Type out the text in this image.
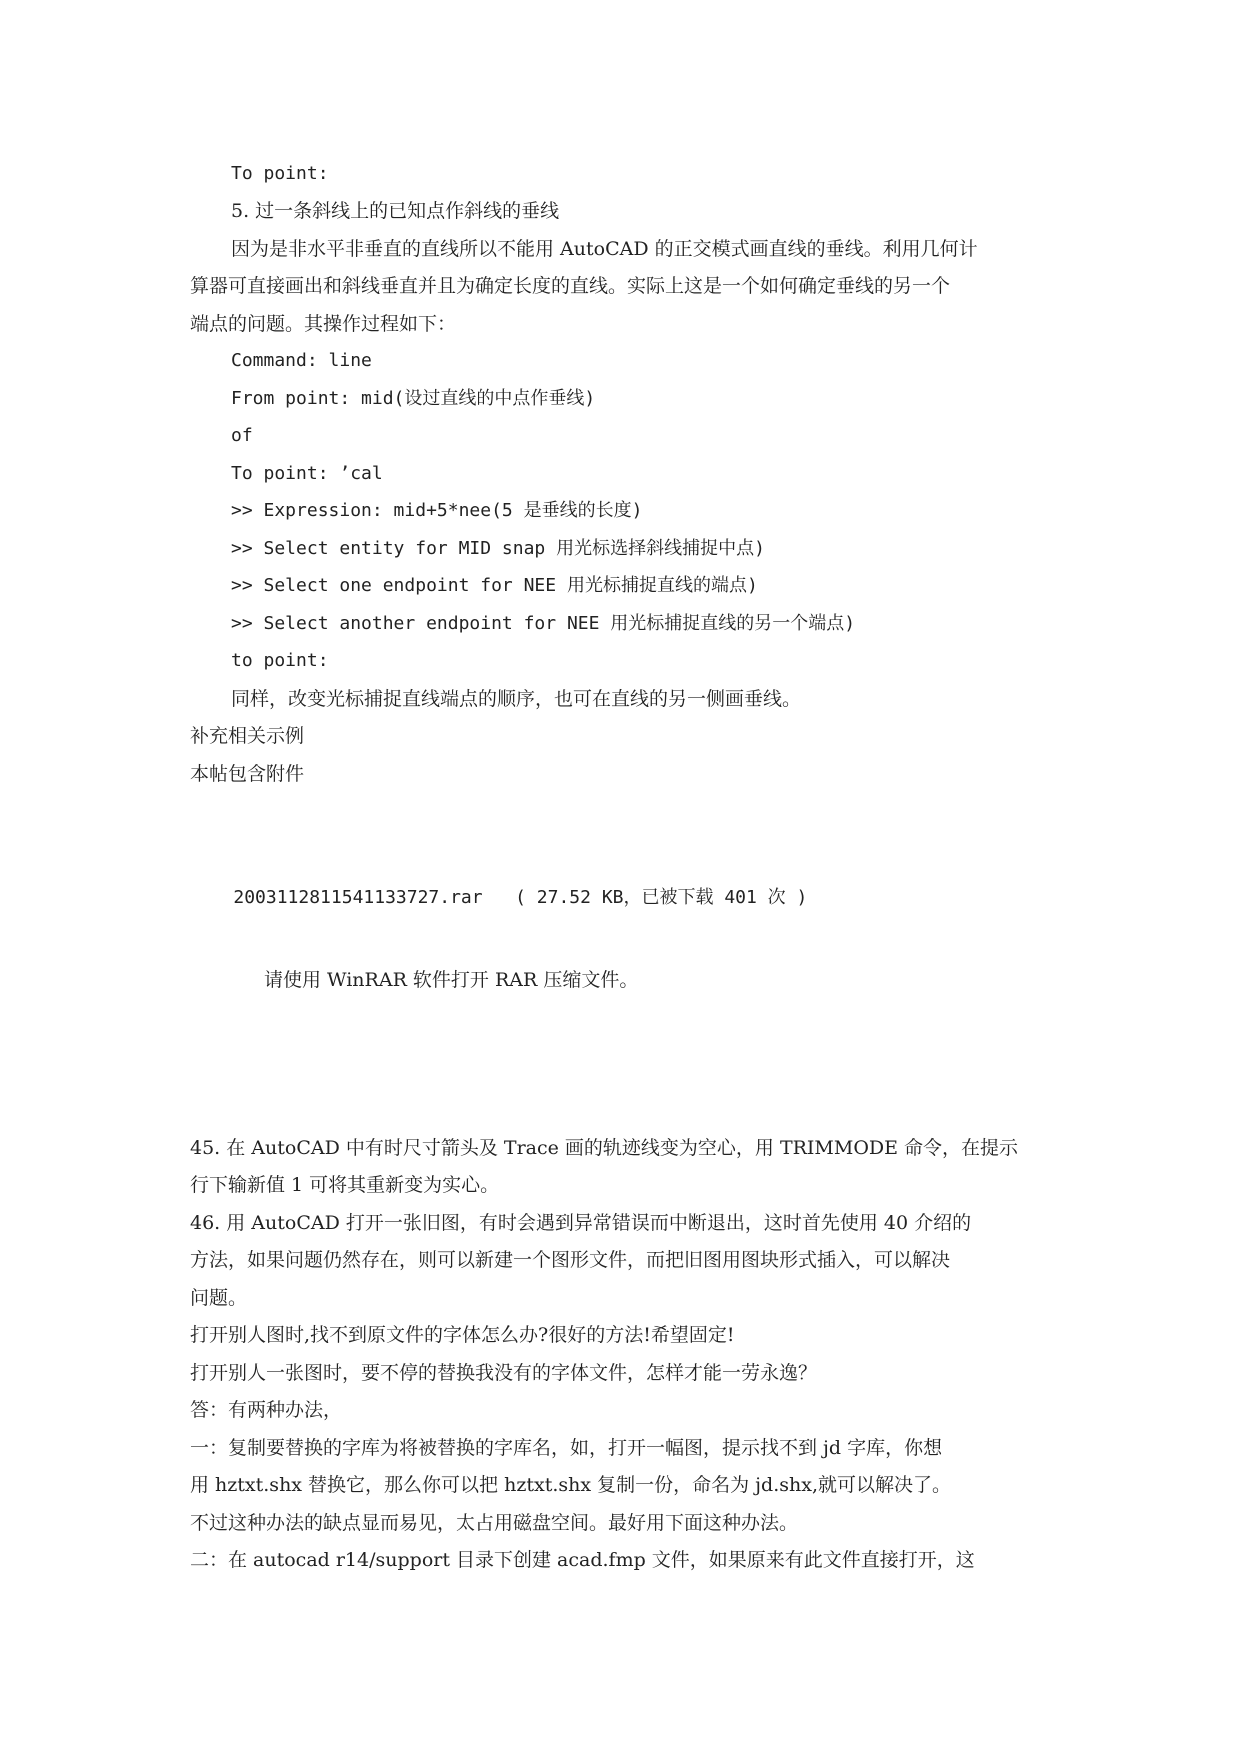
To point:
5. 过一条斜线上的已知点作斜线的垂线
因为是非水平非垂直的直线所以不能用 AutoCAD 的正交模式画直线的垂线。利用几何计
算器可直接画出和斜线垂直并且为确定长度的直线。实际上这是一个如何确定垂线的另一个
端点的问题。其操作过程如下：
Command: line
From point: mid(设过直线的中点作垂线)
of
To point: ’cal
>> Expression: mid+5*nee(5 是垂线的长度)
>> Select entity for MID snap 用光标选择斜线捕捉中点)
>> Select one endpoint for NEE 用光标捕捉直线的端点)
>> Select another endpoint for NEE 用光标捕捉直线的另一个端点)
to point:
同样，改变光标捕捉直线端点的顺序，也可在直线的另一侧画垂线。
补充相关示例
本帖包含附件

20031128115411337​27.rar ( 27.52 KB，已被下载 401 次 )

请使用 WinRAR 软件打开 RAR 压缩文件。
45. 在 AutoCAD 中有时尺寸箭头及 Trace 画的轨迹线变为空心，用 TRIMMODE 命令，在提示
行下输新值 1 可将其重新变为实心。
46. 用 AutoCAD 打开一张旧图，有时会遇到异常错误而中断退出，这时首先使用 40 介绍的
方法，如果问题仍然存在，则可以新建一个图形文件，而把旧图用图块形式插入，可以解决
问题。
打开别人图时,找不到原文件的字体怎么办?很好的方法!希望固定!
打开别人一张图时，要不停的替换我没有的字体文件，怎样才能一劳永逸？
答：有两种办法，
一：复制要替换的字库为将被替换的字库名，如，打开一幅图，提示找不到 jd 字库，你想
用 hztxt.shx 替换它，那么你可以把 hztxt.shx 复制一份，命名为 jd.shx,就可以解决了。
不过这种办法的缺点显而易见，太占用磁盘空间。最好用下面这种办法。
二：在 autocad r14/support 目录下创建 acad.fmp 文件，如果原来有此文件直接打开，这
